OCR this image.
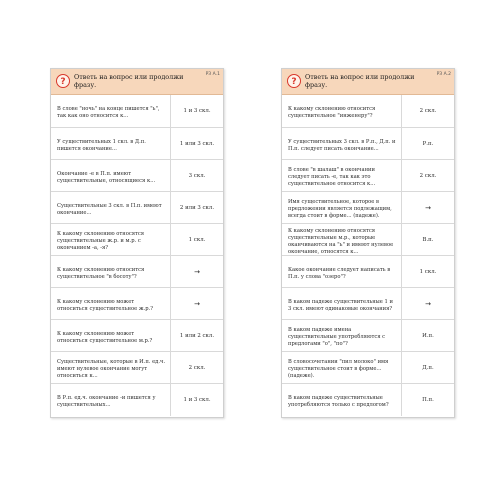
?	Ответь на вопрос или продолжи фразу.
РЗ А.1
В слове "ночь" на конце пишется "ь", так как оно относится к...
1 и 3 скл.
У существительных 1 скл. в Д.п. пишется окончание...
1 или 3 скл.
Окончание -е в П.п. имеют существительные, относящиеся к...
3 скл.
Существительные 3 скл. в П.п. имеют окончание...
2 или 3 скл.
К какому склонению относятся существительные ж.р. и м.р. с окончанием -а, -я?
1 скл.
К какому склонению относится существительное "в босоту"?
→
К какому склонению может относиться существительное ж.р.?
→
К какому склонению может относиться существительное м.р.?
1 или 2 скл.
Существительные, которые в И.п. ед.ч. имеют нулевое окончание могут относиться к...
2 скл.
В Р.п. ед.ч. окончание -и пишется у существительных...
1 и 3 скл.
?	Ответь на вопрос или продолжи фразу.
РЗ А.2
К какому склонению относится существительное "инженеру"?
2 скл.
У существительных 3 скл. в Р.п., Д.п. и П.п. следует писать окончание...
Р.п.
В слове "в шалаш" в окончании следует писать -е, так как это существительное относится к...
2 скл.
Имя существительное, которое в предложении является подлежащим, всегда стоит в форме... (падеже).
→
К какому склонению относятся существительные м.р., которые оканчиваются на "ь" и имеют нулевое окончание, относятся к...
В.п.
Какое окончание следует написать в П.п. у слова "озеро"?
1 скл.
В каком падеже существительные 1 и 3 скл. имеют одинаковые окончания?
→
В каком падеже имена существительные употребляются с предлогами "о", "по"?
И.п.
В словосочетании "пил молоко" имя существительное стоит в форме... (падеже).
Д.п.
В каком падеже существительные употребляются только с предлогом?
П.п.
